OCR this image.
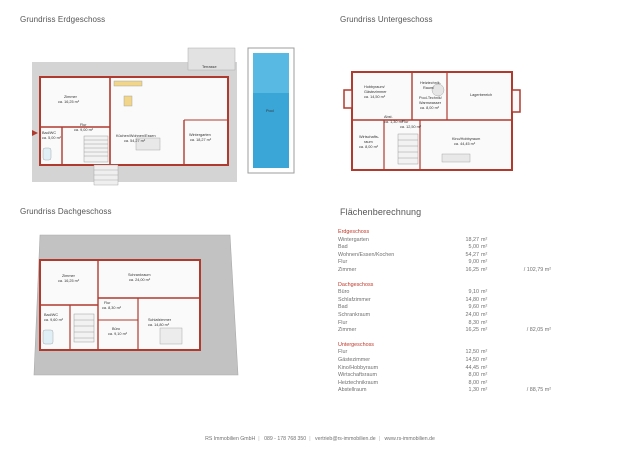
Grundriss Erdgeschoss	Grundriss Untergeschoss
Grundriss Dachgeschoss	Flächenberechnung
Terrasse
Zimmer
ca. 16,25 m²
Flur
ca. 9,00 m²
Bad/WC
ca. 5,00 m²	Küchen/Wohnen/Essen
ca. 54,27 m²
Wintergarten
ca. 18,27 m²
Pool
Hobbyraum/
Gästezimmer
ca. 14,50 m²
Heiztechnik-
Raum/
Pool-Technik/
Warmwasser
ca. 8,00 m²
Lagerbereich
Abst.
ca. 1,30 m² Flur
ca. 12,50 m²
Wirtschafts-
raum
ca. 8,00 m²
Kino/Hobbyraum
ca. 44,45 m²
Zimmer
ca. 16,25 m²
Schrankraum
ca. 24,00 m²
Flur
ca. 8,30 m²
Bad/WC
ca. 9,60 m²
Büro
ca. 9,10 m²
Schlafzimmer
ca. 14,80 m²
Erdgeschoss
Wintergarten	18,27 m²
Bad	5,00 m²
Wohnen/Essen/Kochen	54,27 m²
Flur	9,00 m²
Zimmer	16,25 m²	/ 102,79 m²
Dachgeschoss
Büro	9,10 m²
Schlafzimmer	14,80 m²
Bad	9,60 m²
Schrankraum	24,00 m²
Flur	8,30 m²
Zimmer	16,25 m²	/ 82,05 m²
Untergeschoss
Flur	12,50 m²
Gästezimmer	14,50 m²
Kino/Hobbyraum	44,45 m²
Wirtschaftsraum	8,00 m²
Heiztechnikraum	8,00 m²
Abstellraum	1,30 m²	/ 88,75 m²
RS Immobilien GmbH | 089 - 178 768 350 | vertrieb@rs-immobilien.de | www.rs-immobilien.de
